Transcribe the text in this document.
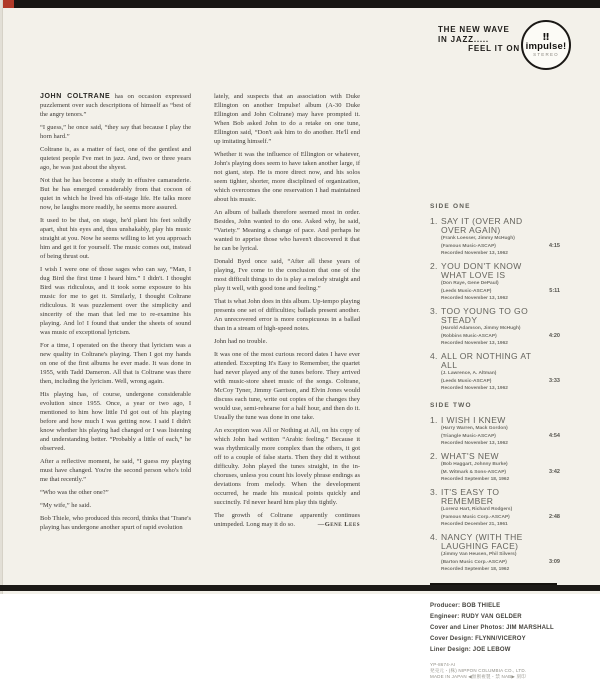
THE NEW WAVE
IN JAZZ.....
FEEL IT ON
‼
impulse!
STEREO

JOHN COLTRANE has on occasion expressed puzzlement over such descriptions of himself as “best of the angry tenors.”

“I guess,” he once said, “they say that because I play the horn hard.”

Coltrane is, as a matter of fact, one of the gentlest and quietest people I've met in jazz. And, two or three years ago, he was just about the shyest.

Not that he has become a study in effusive camaraderie. But he has emerged considerably from that cocoon of quiet in which he lived his off-stage life. He talks more now, he laughs more readily, he seems more assured.

It used to be that, on stage, he'd plant his feet solidly apart, shut his eyes and, thus unshakably, play his music straight at you. Now he seems willing to let you approach him and get it for yourself. The music comes out, instead of being thrust out.

I wish I were one of those sages who can say, “Man, I dug Bird the first time I heard him.” I didn't. I thought Bird was ridiculous, and it took some exposure to his music for me to get it. Similarly, I thought Coltrane ridiculous. It was puzzlement over the simplicity and sincerity of the man that led me to re-examine his playing. And lo! I found that under the sheets of sound was music of exceptional lyricism.

For a time, I operated on the theory that lyricism was a new quality in Coltrane's playing. Then I got my hands on one of the first albums he ever made. It was done in 1955, with Tadd Dameron. All that is Coltrane was there then, including the lyricism. Well, wrong again.

His playing has, of course, undergone considerable evolution since 1955. Once, a year or two ago, I mentioned to him how little I'd got out of his playing before and how much I was getting now. I said I didn't know whether his playing had changed or I was listening and understanding better. “Probably a little of each,” he observed.

After a reflective moment, he said, “I guess my playing must have changed. You're the second person who's told me that recently.”

“Who was the other one?”

“My wife,” he said.

Bob Thiele, who produced this record, thinks that 'Trane's playing has undergone another spurt of rapid evolution

lately, and suspects that an association with Duke Ellington on another Impulse! album (A-30 Duke Ellington and John Coltrane) may have prompted it. When Bob asked John to do a retake on one tune, Ellington said, “Don't ask him to do another. He'll end up imitating himself.”

Whether it was the influence of Ellington or whatever, John's playing does seem to have taken another large, if not giant, step. He is more direct now, and his solos seem tighter, shorter, more disciplined of organization, which overcomes the one reservation I had maintained about his music.

An album of ballads therefore seemed most in order. Besides, John wanted to do one. Asked why, he said, “Variety.” Meaning a change of pace. And perhaps he wanted to apprise those who haven't discovered it that he can be lyrical.

Donald Byrd once said, “After all these years of playing, I've come to the conclusion that one of the most difficult things to do is play a melody straight and play it well, with good tone and feeling.”

That is what John does in this album. Up-tempo playing presents one set of difficulties; ballads present another. An unrecovered error is more conspicuous in a ballad than in a stream of high-speed notes.

John had no trouble.

It was one of the most curious record dates I have ever attended. Excepting It's Easy to Remember, the quartet had never played any of the tunes before. They arrived with music-store sheet music of the songs. Coltrane, McCoy Tyner, Jimmy Garrison, and Elvin Jones would discuss each tune, write out copies of the changes they would use, semi-rehearse for a half hour, and then do it. Usually the tune was done in one take.

An exception was All or Nothing at All, on his copy of which John had written “Arabic feeling.” Because it was rhythmically more complex than the others, it got off to a couple of false starts. Then they did it without difficulty. John played the tunes straight, in the in-choruses, unless you count his lovely phrase endings as deviations from melody. When the development occurred, he made his musical points quickly and succinctly. I'd never heard him play this tightly.

The growth of Coltrane apparently continues unimpeded. Long may it do so.	—Gene Lees

SIDE ONE
1. SAY IT (OVER AND OVER AGAIN)
(Frank Loesser, Jimmy McHugh)
(Famous Music-ASCAP)	4:15
Recorded November 13, 1962
2. YOU DON'T KNOW WHAT LOVE IS
(Don Raye, Gene DePaul)
(Leeds Music-ASCAP)	5:11
Recorded November 13, 1962
3. TOO YOUNG TO GO STEADY
(Harold Adamson, Jimmy McHugh)
(Robbins Music-ASCAP)	4:20
Recorded November 13, 1962
4. ALL OR NOTHING AT ALL
(J. Lawrence, A. Altman)
(Leeds Music-ASCAP)	3:33
Recorded November 13, 1962
SIDE TWO
1. I WISH I KNEW
(Harry Warren, Mack Gordon)
(Triangle Music-ASCAP)	4:54
Recorded November 13, 1962
2. WHAT'S NEW
(Bob Haggart, Johnny Burke)
(M. Witmark & Sons-ASCAP)	3:42
Recorded September 18, 1962
3. IT'S EASY TO REMEMBER
(Lorenz Hart, Richard Rodgers)
(Famous Music Corp.-ASCAP)	2:48
Recorded December 21, 1961
4. NANCY (WITH THE LAUGHING FACE)
(Jimmy Van Heusen, Phil Silvers)
(Barton Music Corp.-ASCAP)	3:09
Recorded September 18, 1962
Producer: BOB THIELE
Engineer: RUDY VAN GELDER
Cover and Liner Photos: JIM MARSHALL
Cover Design: FLYNN/VICEROY
Liner Design: JOE LEBOW
YP-8674-AI
発売元・(株) NIPPON COLUMBIA CO., LTD.
MADE IN JAPAN ◀無断複製・禁 NAB▶ 刻印
